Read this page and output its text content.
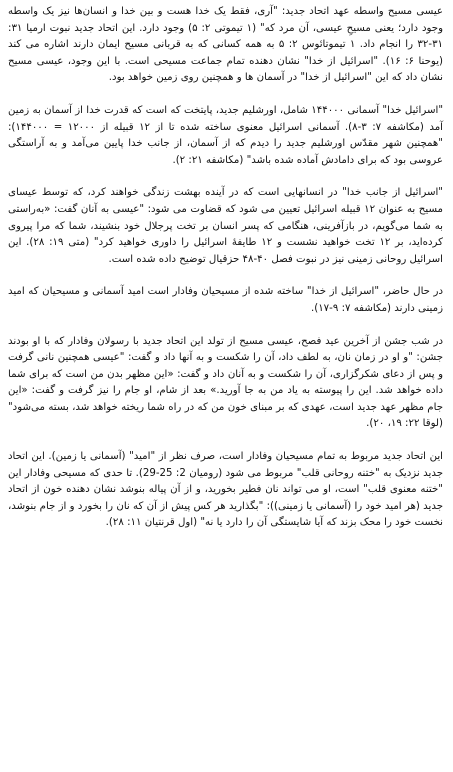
عیسی مسیح واسطه عهد اتحاد جدید: "آری، فقط یک خدا هست و بین خدا و انسان‌ها نیز یک واسطه وجود دارد؛ یعنی مسیحِ عیسی، آن مرد که" (۱ تیموتی ۲: ۵) وجود دارد. این اتحاد جدید نبوت ارمیا ۳۱: ۳۱-۳۲ را انجام داد. ۱ تیموتائوس ۲: ۵ به همه کسانی که به قربانی مسیح ایمان دارند اشاره می کند (یوحنا ۶: ۱۶). "اسرائیل از خدا" نشان دهنده تمام جماعت مسیحی است. با این وجود، عیسی مسیح نشان داد که این "اسرائیل از خدا" در آسمان ها و همچنین روی زمین خواهد بود.

"اسرائیل خدا" آسمانی ۱۴۴۰۰۰ شامل، اورشلیم جدید، پایتخت که است که قدرت خدا از آسمان به زمین آمد (مکاشفه ۷: ۳-۸). آسمانی اسرائیل معنوی ساخته شده تا از ۱۲ قبیله از ۱۲۰۰۰ = ۱۴۴۰۰۰): "همچنین شهر مقدّس اورشلیم جدید را دیدم که از آسمان، از جانب خدا پایین می‌آمد و به آراستگی عروسی بود که برای دامادش آماده شده باشد" (مکاشفه ۲۱: ۲).

"اسرائیل از جانب خدا" در انسانهایی است که در آینده بهشت زندگی خواهند کرد، که توسط عیسای مسیح به عنوان ۱۲ قبیله اسرائیل تعیین می شود که قضاوت می شود: "عیسی به آنان گفت: «به‌راستی به شما می‌گویم، در بازآفرینی، هنگامی که پسر انسان بر تخت پرجلال خود بنشیند، شما که مرا پیروی کرده‌اید، بر ۱۲ تخت خواهید نشست و ۱۲ طایفهٔ اسرائیل را داوری خواهید کرد" (متی ۱۹: ۲۸). این اسرائیل روحانی زمینی نیز در نبوت فصل ۴۰-۴۸ حزقیال توضیح داده شده است.

در حال حاضر، "اسرائیل از خدا" ساخته شده از مسیحیان وفادار است امید آسمانی و مسیحیان که امید زمینی دارند (مکاشفه ۷: ۹-۱۷).

در شب جشن از آخرین عید فصح، عیسی مسیح از تولد این اتحاد جدید با رسولان وفادار که با او بودند جشن: "و او در زمان نان، به لطف داد، آن را شکست و به آنها داد و گفت: "عیسی همچنین نانی گرفت و پس از دعای شکرگزاری، آن را شکست و به آنان داد و گفت: «این مظهر بدن من است که برای شما داده خواهد شد. این را پیوسته به یاد من به جا آورید.» بعد از شام، او جام را نیز گرفت و گفت: «این جام مظهر عهد جدید است، عهدی که بر مبنای خون من که در راه شما ریخته خواهد شد، بسته می‌شود" (لوقا ۲۲: ۱۹، ۲۰).

این اتحاد جدید مربوط به تمام مسیحیان وفادار است، صرف نظر از "امید" (آسمانی یا زمین). این اتحاد جدید نزدیک به "ختنه روحانی قلب" مربوط می شود (رومیان 2: 25-29). تا حدی که مسیحی وفادار این "ختنه معنوی قلب" است، او می تواند نان فطیر بخورید، و از آن پیاله بنوشد نشان دهنده خون از اتحاد جدید (هر امید خود را (آسمانی یا زمینی)): "بگذارید هر کس پیش از آن که نان را بخورد و از جام بنوشد، نخست خود را محک بزند که آیا شایستگی آن را دارد یا نه" (اول قرنتیان ۱۱: ۲۸).
